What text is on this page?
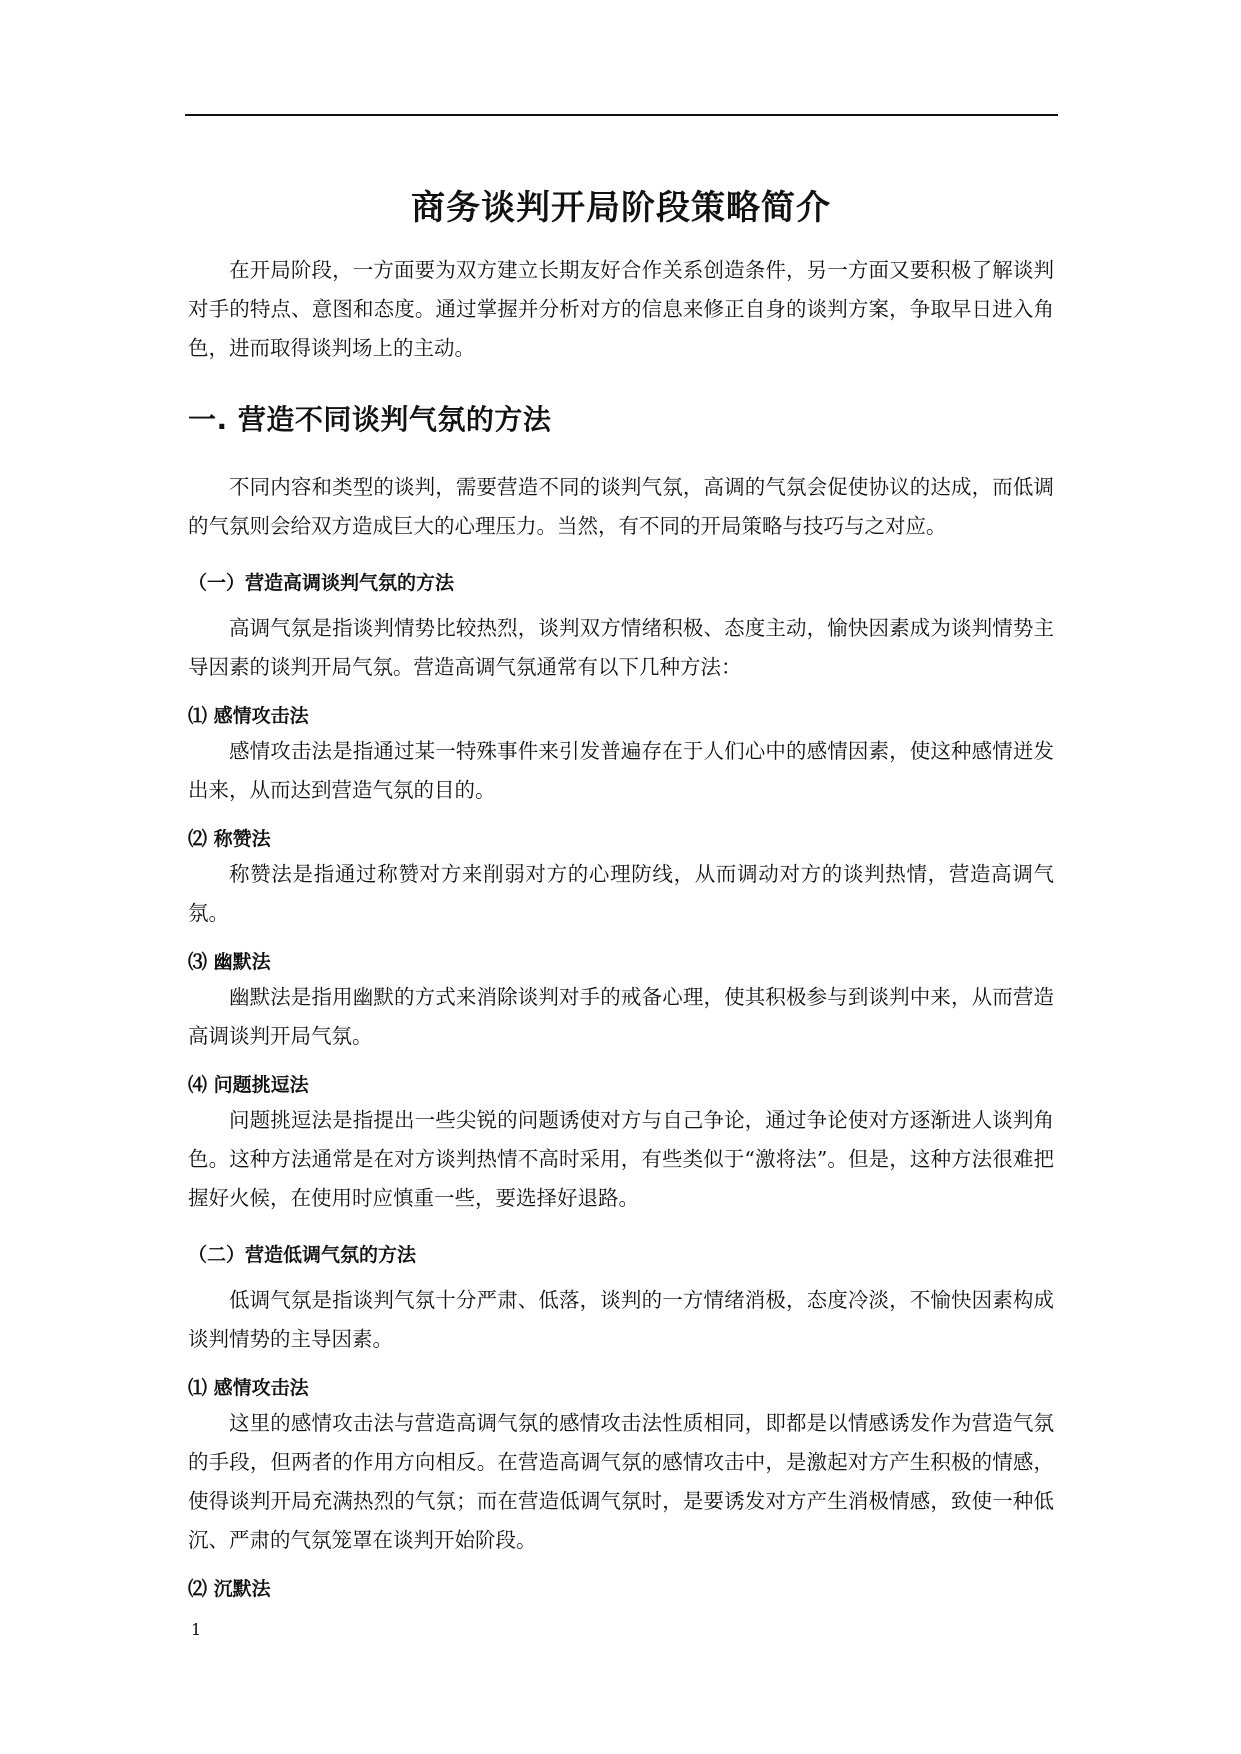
商务谈判开局阶段策略简介

在开局阶段，一方面要为双方建立长期友好合作关系创造条件，另一方面又要积极了解谈判对手的特点、意图和态度。通过掌握并分析对方的信息来修正自身的谈判方案，争取早日进入角色，进而取得谈判场上的主动。

一. 营造不同谈判气氛的方法

不同内容和类型的谈判，需要营造不同的谈判气氛，高调的气氛会促使协议的达成，而低调的气氛则会给双方造成巨大的心理压力。当然，有不同的开局策略与技巧与之对应。

（一）营造高调谈判气氛的方法

高调气氛是指谈判情势比较热烈，谈判双方情绪积极、态度主动，愉快因素成为谈判情势主导因素的谈判开局气氛。营造高调气氛通常有以下几种方法：

⑴ 感情攻击法

感情攻击法是指通过某一特殊事件来引发普遍存在于人们心中的感情因素，使这种感情迸发出来，从而达到营造气氛的目的。

⑵ 称赞法

称赞法是指通过称赞对方来削弱对方的心理防线，从而调动对方的谈判热情，营造高调气氛。

⑶ 幽默法

幽默法是指用幽默的方式来消除谈判对手的戒备心理，使其积极参与到谈判中来，从而营造高调谈判开局气氛。

⑷ 问题挑逗法

问题挑逗法是指提出一些尖锐的问题诱使对方与自己争论，通过争论使对方逐渐进人谈判角色。这种方法通常是在对方谈判热情不高时采用，有些类似于“激将法”。但是，这种方法很难把握好火候，在使用时应慎重一些，要选择好退路。

（二）营造低调气氛的方法

低调气氛是指谈判气氛十分严肃、低落，谈判的一方情绪消极，态度冷淡，不愉快因素构成谈判情势的主导因素。

⑴ 感情攻击法

这里的感情攻击法与营造高调气氛的感情攻击法性质相同，即都是以情感诱发作为营造气氛的手段，但两者的作用方向相反。在营造高调气氛的感情攻击中，是激起对方产生积极的情感，使得谈判开局充满热烈的气氛；而在营造低调气氛时，是要诱发对方产生消极情感，致使一种低沉、严肃的气氛笼罩在谈判开始阶段。

⑵ 沉默法
1
